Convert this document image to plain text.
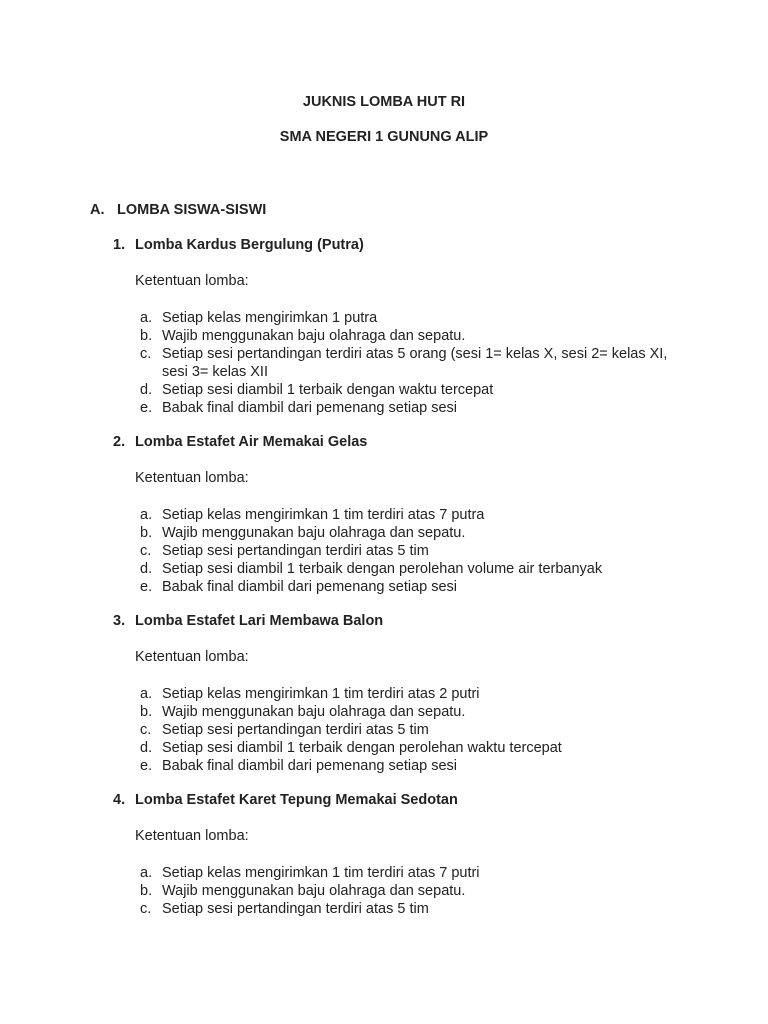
JUKNIS LOMBA HUT RI
SMA NEGERI 1 GUNUNG ALIP
A. LOMBA SISWA-SISWI
1. Lomba Kardus Bergulung (Putra)
Ketentuan lomba:
a. Setiap kelas mengirimkan 1 putra
b. Wajib menggunakan baju olahraga dan sepatu.
c. Setiap sesi pertandingan terdiri atas 5 orang (sesi 1= kelas X, sesi 2= kelas XI, sesi 3= kelas XII
d. Setiap sesi diambil 1 terbaik dengan waktu tercepat
e. Babak final diambil dari pemenang setiap sesi
2. Lomba Estafet Air Memakai Gelas
Ketentuan lomba:
a. Setiap kelas mengirimkan 1 tim terdiri atas 7 putra
b. Wajib menggunakan baju olahraga dan sepatu.
c. Setiap sesi pertandingan terdiri atas 5 tim
d. Setiap sesi diambil 1 terbaik dengan perolehan volume air terbanyak
e. Babak final diambil dari pemenang setiap sesi
3. Lomba Estafet Lari Membawa Balon
Ketentuan lomba:
a. Setiap kelas mengirimkan 1 tim terdiri atas 2 putri
b. Wajib menggunakan baju olahraga dan sepatu.
c. Setiap sesi pertandingan terdiri atas 5 tim
d. Setiap sesi diambil 1 terbaik dengan perolehan waktu tercepat
e. Babak final diambil dari pemenang setiap sesi
4. Lomba Estafet Karet Tepung Memakai Sedotan
Ketentuan lomba:
a. Setiap kelas mengirimkan 1 tim terdiri atas 7 putri
b. Wajib menggunakan baju olahraga dan sepatu.
c. Setiap sesi pertandingan terdiri atas 5 tim
